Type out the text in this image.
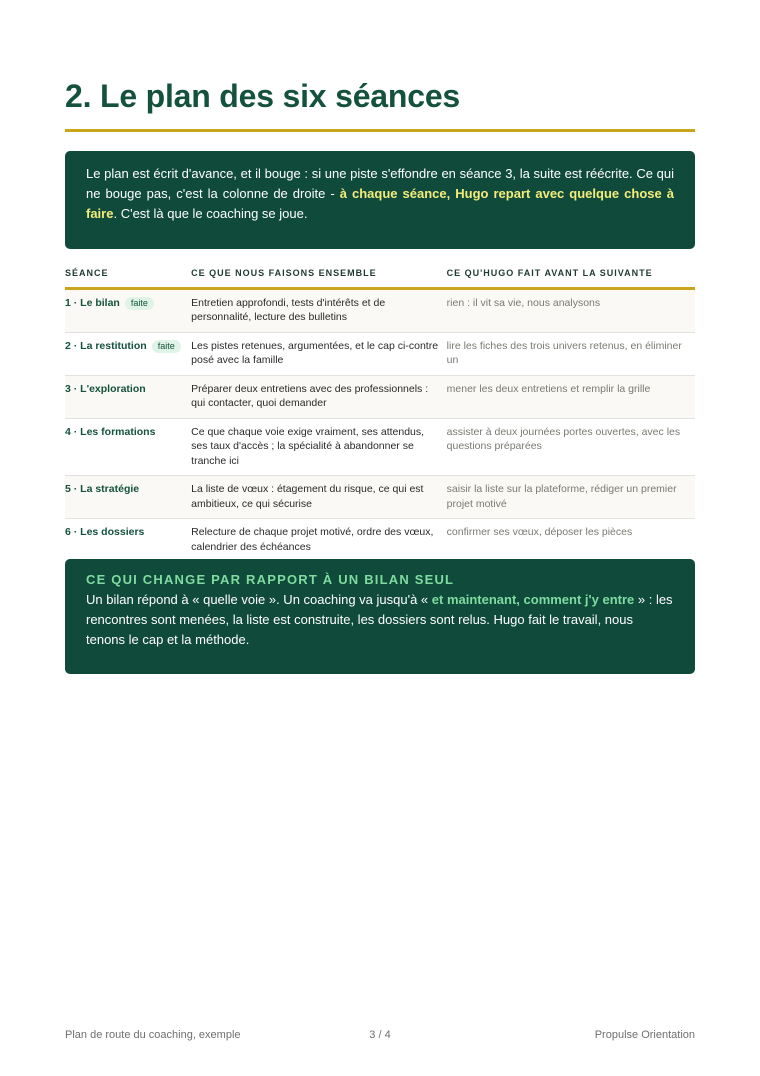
2. Le plan des six séances
Le plan est écrit d'avance, et il bouge : si une piste s'effondre en séance 3, la suite est réécrite. Ce qui ne bouge pas, c'est la colonne de droite - à chaque séance, Hugo repart avec quelque chose à faire. C'est là que le coaching se joue.
SÉANCE	CE QUE NOUS FAISONS ENSEMBLE	CE QU'HUGO FAIT AVANT LA SUIVANTE
1 · Le bilan faite	Entretien approfondi, tests d'intérêts et de personnalité, lecture des bulletins	rien : il vit sa vie, nous analysons
2 · La restitution faite	Les pistes retenues, argumentées, et le cap ci-contre posé avec la famille	lire les fiches des trois univers retenus, en éliminer un
3 · L'exploration	Préparer deux entretiens avec des professionnels : qui contacter, quoi demander	mener les deux entretiens et remplir la grille
4 · Les formations	Ce que chaque voie exige vraiment, ses attendus, ses taux d'accès ; la spécialité à abandonner se tranche ici	assister à deux journées portes ouvertes, avec les questions préparées
5 · La stratégie	La liste de vœux : étagement du risque, ce qui est ambitieux, ce qui sécurise	saisir la liste sur la plateforme, rédiger un premier projet motivé
6 · Les dossiers	Relecture de chaque projet motivé, ordre des vœux, calendrier des échéances	confirmer ses vœux, déposer les pièces
CE QUI CHANGE PAR RAPPORT À UN BILAN SEUL

Un bilan répond à « quelle voie ». Un coaching va jusqu'à « et maintenant, comment j'y entre » : les rencontres sont menées, la liste est construite, les dossiers sont relus. Hugo fait le travail, nous tenons le cap et la méthode.

Plan de route du coaching, exemple	3 / 4	Propulse Orientation
